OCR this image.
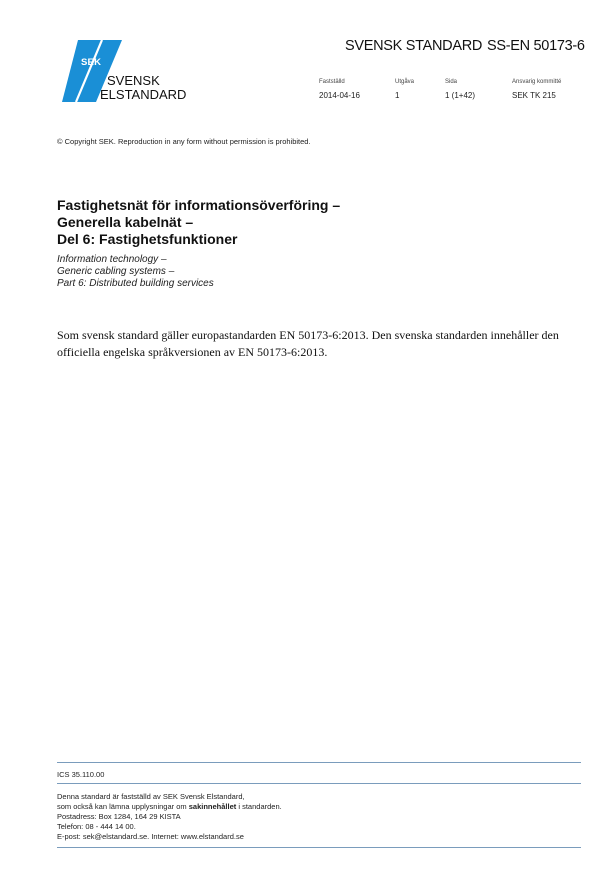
SEK
SVENSK
ELSTANDARD
SVENSK STANDARD SS-EN 50173-6
Fastställd	Utgåva	Sida	Ansvarig kommitté
2014-04-16	1	1 (1+42)	SEK TK 215
© Copyright SEK. Reproduction in any form without permission is prohibited.
Fastighetsnät för informationsöverföring –
Generella kabelnät –
Del 6: Fastighetsfunktioner
Information technology –
Generic cabling systems –
Part 6: Distributed building services

Som svensk standard gäller europastandarden EN 50173-6:2013. Den svenska standarden innehåller den officiella engelska språkversionen av EN 50173-6:2013.

ICS 35.110.00
Denna standard är fastställd av SEK Svensk Elstandard,
som också kan lämna upplysningar om sakinnehållet i standarden.
Postadress: Box 1284, 164 29 KISTA
Telefon: 08 - 444 14 00.
E-post: sek@elstandard.se. Internet: www.elstandard.se
